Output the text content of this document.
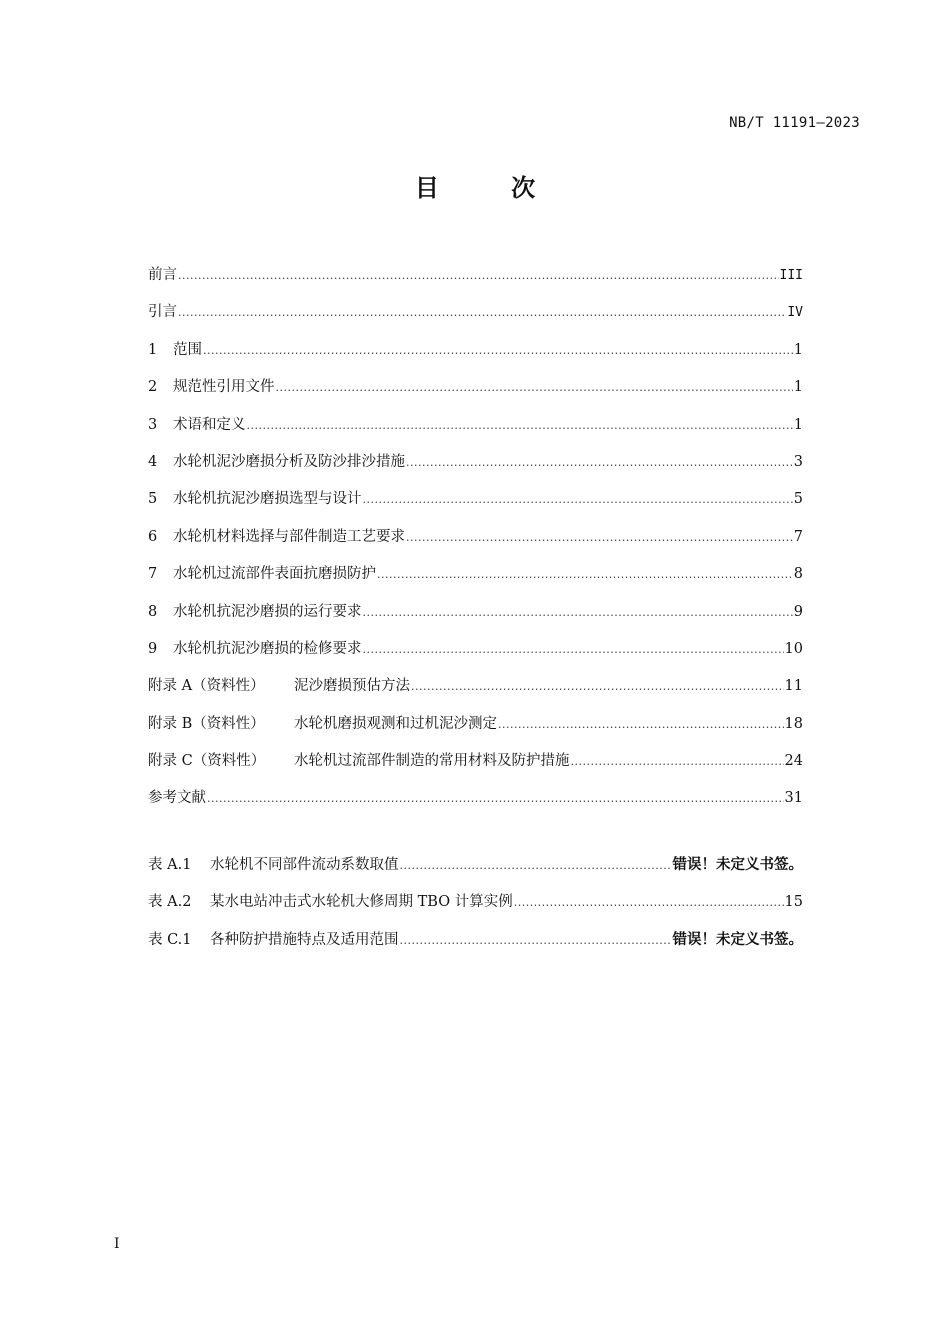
NB/T 11191—2023
目 次
前言 .....	III
引言 .....	IV
1 范围 .....	1
2 规范性引用文件 .....	1
3 术语和定义 .....	1
4 水轮机泥沙磨损分析及防沙排沙措施 .....	3
5 水轮机抗泥沙磨损选型与设计 .....	5
6 水轮机材料选择与部件制造工艺要求 .....	7
7 水轮机过流部件表面抗磨损防护 .....	8
8 水轮机抗泥沙磨损的运行要求 .....	9
9 水轮机抗泥沙磨损的检修要求 .....	10
附录 A（资料性） 泥沙磨损预估方法 .....	11
附录 B（资料性） 水轮机磨损观测和过机泥沙测定 .....	18
附录 C（资料性） 水轮机过流部件制造的常用材料及防护措施 .....	24
参考文献 .....	31
表 A.1 水轮机不同部件流动系数取值 .....	错误！未定义书签。
表 A.2 某水电站冲击式水轮机大修周期 TBO 计算实例 .....	15
表 C.1 各种防护措施特点及适用范围 .....	错误！未定义书签。
I
